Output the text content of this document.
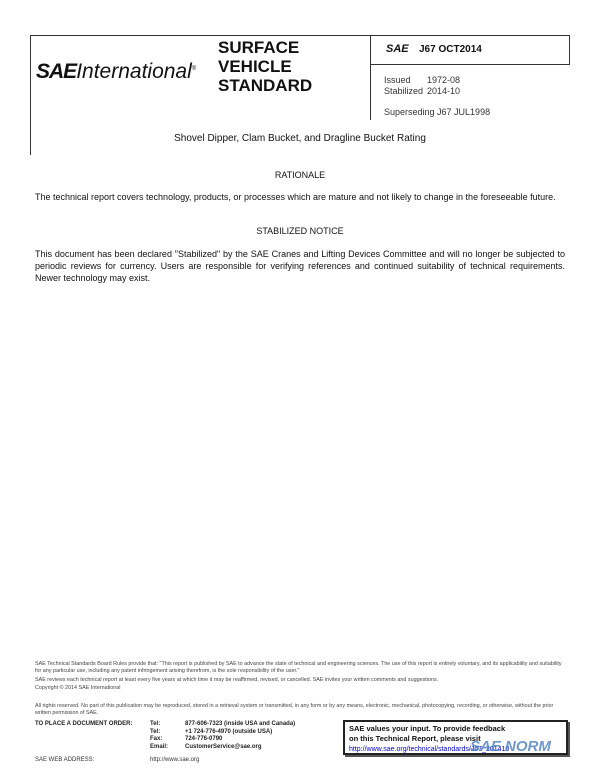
SAEInternational®
SURFACE
VEHICLE
STANDARD
SAE J67 OCT2014
Issued 1972-08
Stabilized 2014-10
Superseding J67 JUL1998
Shovel Dipper, Clam Bucket, and Dragline Bucket Rating
RATIONALE
The technical report covers technology, products, or processes which are mature and not likely to change in the foreseeable future.
STABILIZED NOTICE
This document has been declared "Stabilized" by the SAE Cranes and Lifting Devices Committee and will no longer be subjected to periodic reviews for currency. Users are responsible for verifying references and continued suitability of technical requirements. Newer technology may exist.
SAE Technical Standards Board Rules provide that: "This report is published by SAE to advance the state of technical and engineering sciences. The use of this report is entirely voluntary, and its applicability and suitability for any particular use, including any patent infringement arising therefrom, is the sole responsibility of the user."
SAE reviews each technical report at least every five years at which time it may be reaffirmed, revised, or cancelled. SAE invites your written comments and suggestions.
Copyright © 2014 SAE International
All rights reserved. No part of this publication may be reproduced, stored in a retrieval system or transmitted, in any form or by any means, electronic, mechanical, photocopying, recording, or otherwise, without the prior written permission of SAE.
TO PLACE A DOCUMENT ORDER:	Tel:	877-606-7323 (inside USA and Canada)
Tel:	+1 724-776-4970 (outside USA)
Fax:	724-776-0790
Email:	CustomerService@sae.org
SAE WEB ADDRESS:	http://www.sae.org
SAE values your input. To provide feedback
on this Technical Report, please visit
http://www.sae.org/technical/standards/J67_201410
SAE NORM
